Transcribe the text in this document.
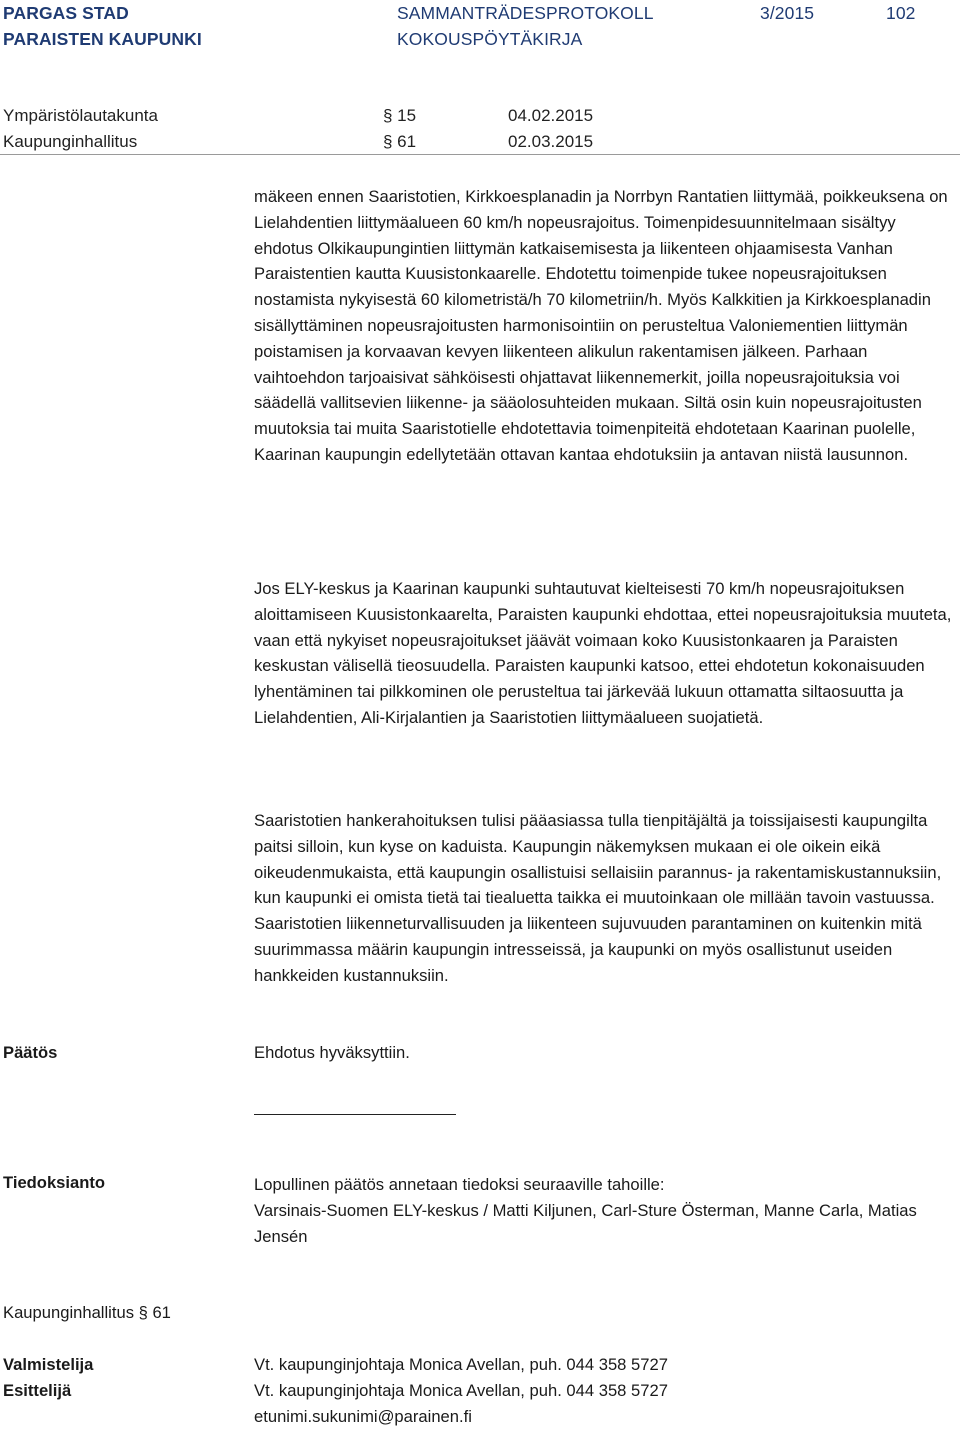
PARGAS STAD
PARAISTEN KAUPUNKI
SAMMANTRÄDESPROTOKOLL
KOKOUSPÖYTÄKIRJA
3/2015	102
Ympäristölautakunta	§ 15	04.02.2015
Kaupunginhallitus	§ 61	02.03.2015
mäkeen ennen Saaristotien, Kirkkoesplanadin ja Norrbyn Rantatien liittymää, poikkeuksena on Lielahdentien liittymäalueen 60 km/h nopeusrajoitus. Toimenpidesuunnitelmaan sisältyy ehdotus Olkikaupungintien liittymän katkaisemisesta ja liikenteen ohjaamisesta Vanhan Paraistentien kautta Kuusistonkaarelle. Ehdotettu toimenpide tukee nopeusrajoituksen nostamista nykyisestä 60 kilometristä/h 70 kilometriin/h. Myös Kalkkitien ja Kirkkoesplanadin sisällyttäminen nopeusrajoitusten harmonisointiin on perusteltua Valoniementien liittymän poistamisen ja korvaavan kevyen liikenteen alikulun rakentamisen jälkeen. Parhaan vaihtoehdon tarjoaisivat sähköisesti ohjattavat liikennemerkit, joilla nopeusrajoituksia voi säädellä vallitsevien liikenne- ja sääolosuhteiden mukaan. Siltä osin kuin nopeusrajoitusten muutoksia tai muita Saaristotielle ehdotettavia toimenpiteitä ehdotetaan Kaarinan puolelle, Kaarinan kaupungin edellytetään ottavan kantaa ehdotuksiin ja antavan niistä lausunnon.
Jos ELY-keskus ja Kaarinan kaupunki suhtautuvat kielteisesti 70 km/h nopeusrajoituksen aloittamiseen Kuusistonkaarelta, Paraisten kaupunki ehdottaa, ettei nopeusrajoituksia muuteta, vaan että nykyiset nopeusrajoitukset jäävät voimaan koko Kuusistonkaaren ja Paraisten keskustan välisellä tieosuudella. Paraisten kaupunki katsoo, ettei ehdotetun kokonaisuuden lyhentäminen tai pilkkominen ole perusteltua tai järkevää lukuun ottamatta siltaosuutta ja Lielahdentien, Ali-Kirjalantien ja Saaristotien liittymäalueen suojatietä.
Saaristotien hankerahoituksen tulisi pääasiassa tulla tienpitäjältä ja toissijaisesti kaupungilta paitsi silloin, kun kyse on kaduista. Kaupungin näkemyksen mukaan ei ole oikein eikä oikeudenmukaista, että kaupungin osallistuisi sellaisiin parannus- ja rakentamiskustannuksiin, kun kaupunki ei omista tietä tai tiealuetta taikka ei muutoinkaan ole millään tavoin vastuussa. Saaristotien liikenneturvallisuuden ja liikenteen sujuvuuden parantaminen on kuitenkin mitä suurimmassa määrin kaupungin intresseissä, ja kaupunki on myös osallistunut useiden hankkeiden kustannuksiin.
Päätös	Ehdotus hyväksyttiin.
Tiedoksianto	Lopullinen päätös annetaan tiedoksi seuraaville tahoille:
Varsinais-Suomen ELY-keskus / Matti Kiljunen, Carl-Sture Österman, Manne Carla, Matias Jensén
Kaupunginhallitus § 61
Valmistelija	Vt. kaupunginjohtaja Monica Avellan, puh. 044 358 5727
Esittelijä	Vt. kaupunginjohtaja Monica Avellan, puh. 044 358 5727
etunimi.sukunimi@parainen.fi
